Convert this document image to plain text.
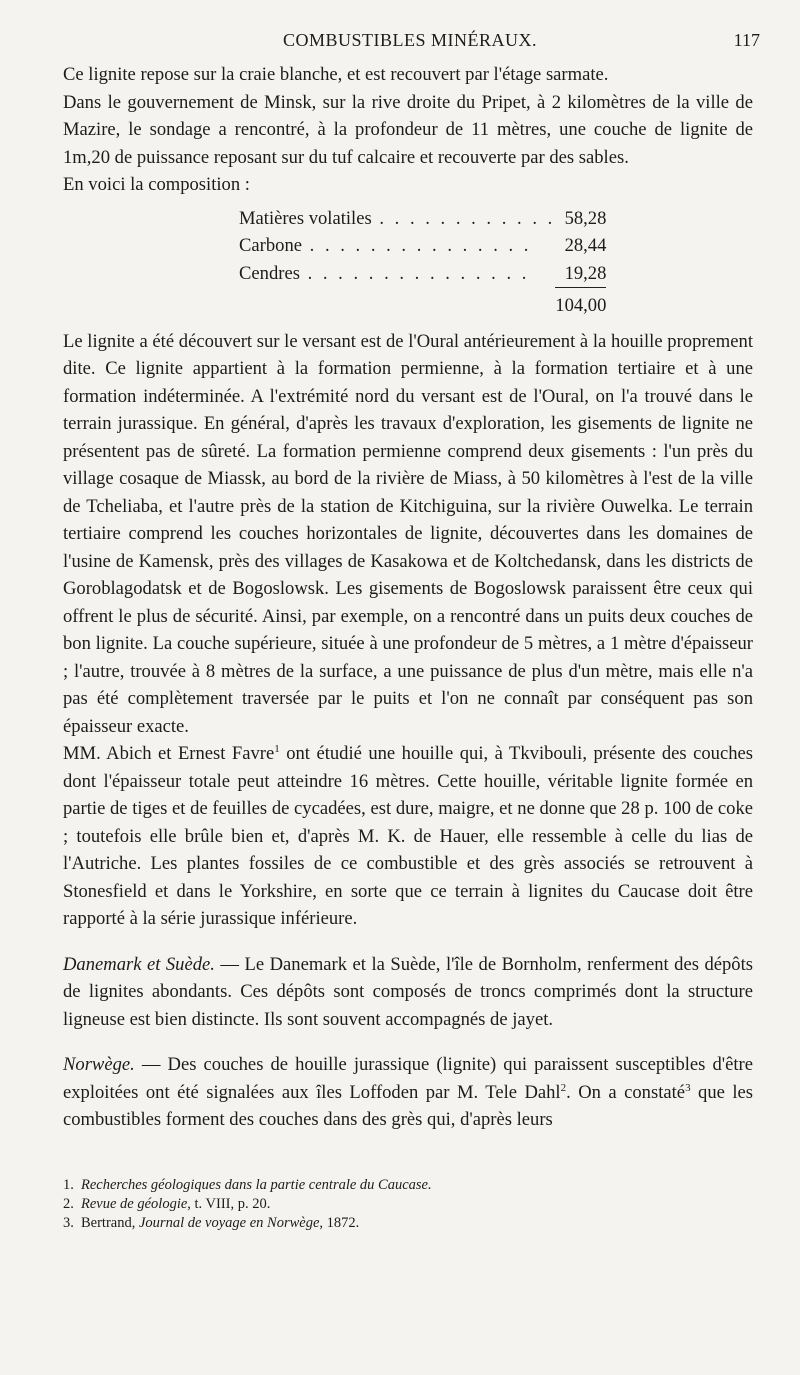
COMBUSTIBLES MINÉRAUX.	117

Ce lignite repose sur la craie blanche, et est recouvert par l'étage sarmate.

Dans le gouvernement de Minsk, sur la rive droite du Pripet, à 2 kilomètres de la ville de Mazire, le sondage a rencontré, à la profondeur de 11 mètres, une couche de lignite de 1m,20 de puissance reposant sur du tuf calcaire et recouverte par des sables.

En voici la composition :

Matières volatiles . . . . . . . . . . . .	58,28
Carbone . . . . . . . . . . . . . . .	28,44
Cendres . . . . . . . . . . . . . . .	19,28
	104,00

Le lignite a été découvert sur le versant est de l'Oural antérieurement à la houille proprement dite. Ce lignite appartient à la formation permienne, à la formation tertiaire et à une formation indéterminée. A l'extrémité nord du versant est de l'Oural, on l'a trouvé dans le terrain jurassique. En général, d'après les travaux d'exploration, les gisements de lignite ne présentent pas de sûreté. La formation permienne comprend deux gisements : l'un près du village cosaque de Miassk, au bord de la rivière de Miass, à 50 kilomètres à l'est de la ville de Tcheliaba, et l'autre près de la station de Kitchiguina, sur la rivière Ouwelka. Le terrain tertiaire comprend les couches horizontales de lignite, découvertes dans les domaines de l'usine de Kamensk, près des villages de Kasakowa et de Koltchedansk, dans les districts de Goroblagodatsk et de Bogoslowsk. Les gisements de Bogoslowsk paraissent être ceux qui offrent le plus de sécurité. Ainsi, par exemple, on a rencontré dans un puits deux couches de bon lignite. La couche supérieure, située à une profondeur de 5 mètres, a 1 mètre d'épaisseur ; l'autre, trouvée à 8 mètres de la surface, a une puissance de plus d'un mètre, mais elle n'a pas été complètement traversée par le puits et l'on ne connaît par conséquent pas son épaisseur exacte.

MM. Abich et Ernest Favre$^1$ ont étudié une houille qui, à Tkvibouli, présente des couches dont l'épaisseur totale peut atteindre 16 mètres. Cette houille, véritable lignite formée en partie de tiges et de feuilles de cycadées, est dure, maigre, et ne donne que 28 p. 100 de coke ; toutefois elle brûle bien et, d'après M. K. de Hauer, elle ressemble à celle du lias de l'Autriche. Les plantes fossiles de ce combustible et des grès associés se retrouvent à Stonesfield et dans le Yorkshire, en sorte que ce terrain à lignites du Caucase doit être rapporté à la série jurassique inférieure.

Danemark et Suède. — Le Danemark et la Suède, l'île de Bornholm, renferment des dépôts de lignites abondants. Ces dépôts sont composés de troncs comprimés dont la structure ligneuse est bien distincte. Ils sont souvent accompagnés de jayet.

Norwège. — Des couches de houille jurassique (lignite) qui paraissent susceptibles d'être exploitées ont été signalées aux îles Loffoden par M. Tele Dahl$^2$. On a constaté$^3$ que les combustibles forment des couches dans des grès qui, d'après leurs

1. Recherches géologiques dans la partie centrale du Caucase.
2. Revue de géologie, t. VIII, p. 20.
3. Bertrand, Journal de voyage en Norwège, 1872.
